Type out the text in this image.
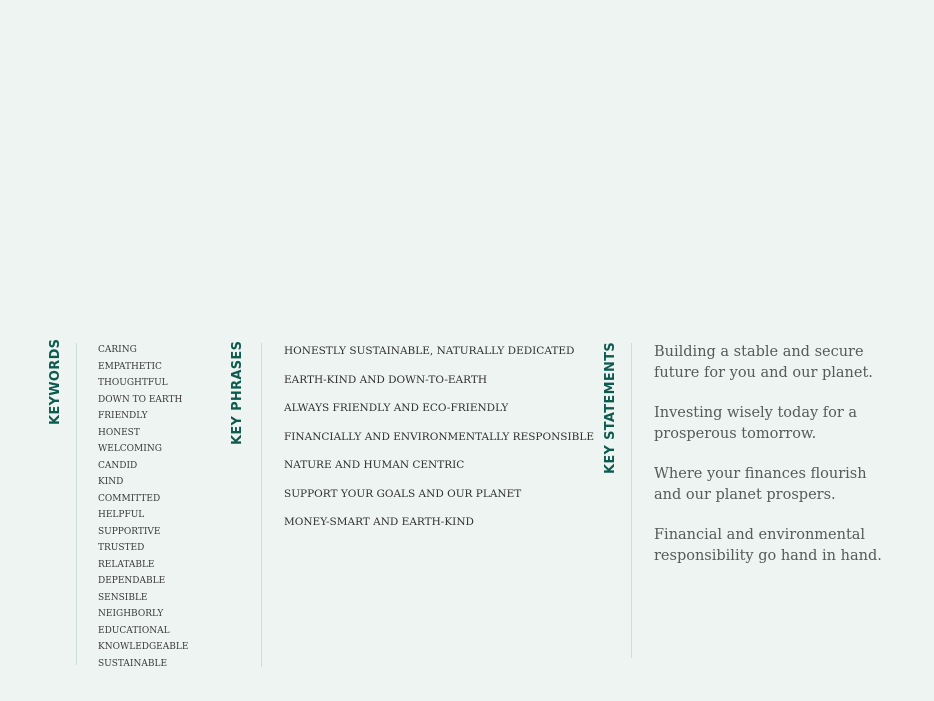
KEYWORDS	CARING
EMPATHETIC
THOUGHTFUL
DOWN TO EARTH
FRIENDLY
HONEST
WELCOMING
CANDID
KIND
COMMITTED
HELPFUL
SUPPORTIVE
TRUSTED
RELATABLE
DEPENDABLE
SENSIBLE
NEIGHBORLY
EDUCATIONAL
KNOWLEDGEABLE
SUSTAINABLE
KEY PHRASES	HONESTLY SUSTAINABLE, NATURALLY DEDICATED
EARTH-KIND AND DOWN-TO-EARTH
ALWAYS FRIENDLY AND ECO-FRIENDLY
FINANCIALLY AND ENVIRONMENTALLY RESPONSIBLE
NATURE AND HUMAN CENTRIC
SUPPORT YOUR GOALS AND OUR PLANET
MONEY-SMART AND EARTH-KIND
KEY STATEMENTS Building a stable and secure
future for you and our planet.
Investing wisely today for a
prosperous tomorrow.
Where your finances flourish
and our planet prospers.
Financial and environmental
responsibility go hand in hand.
